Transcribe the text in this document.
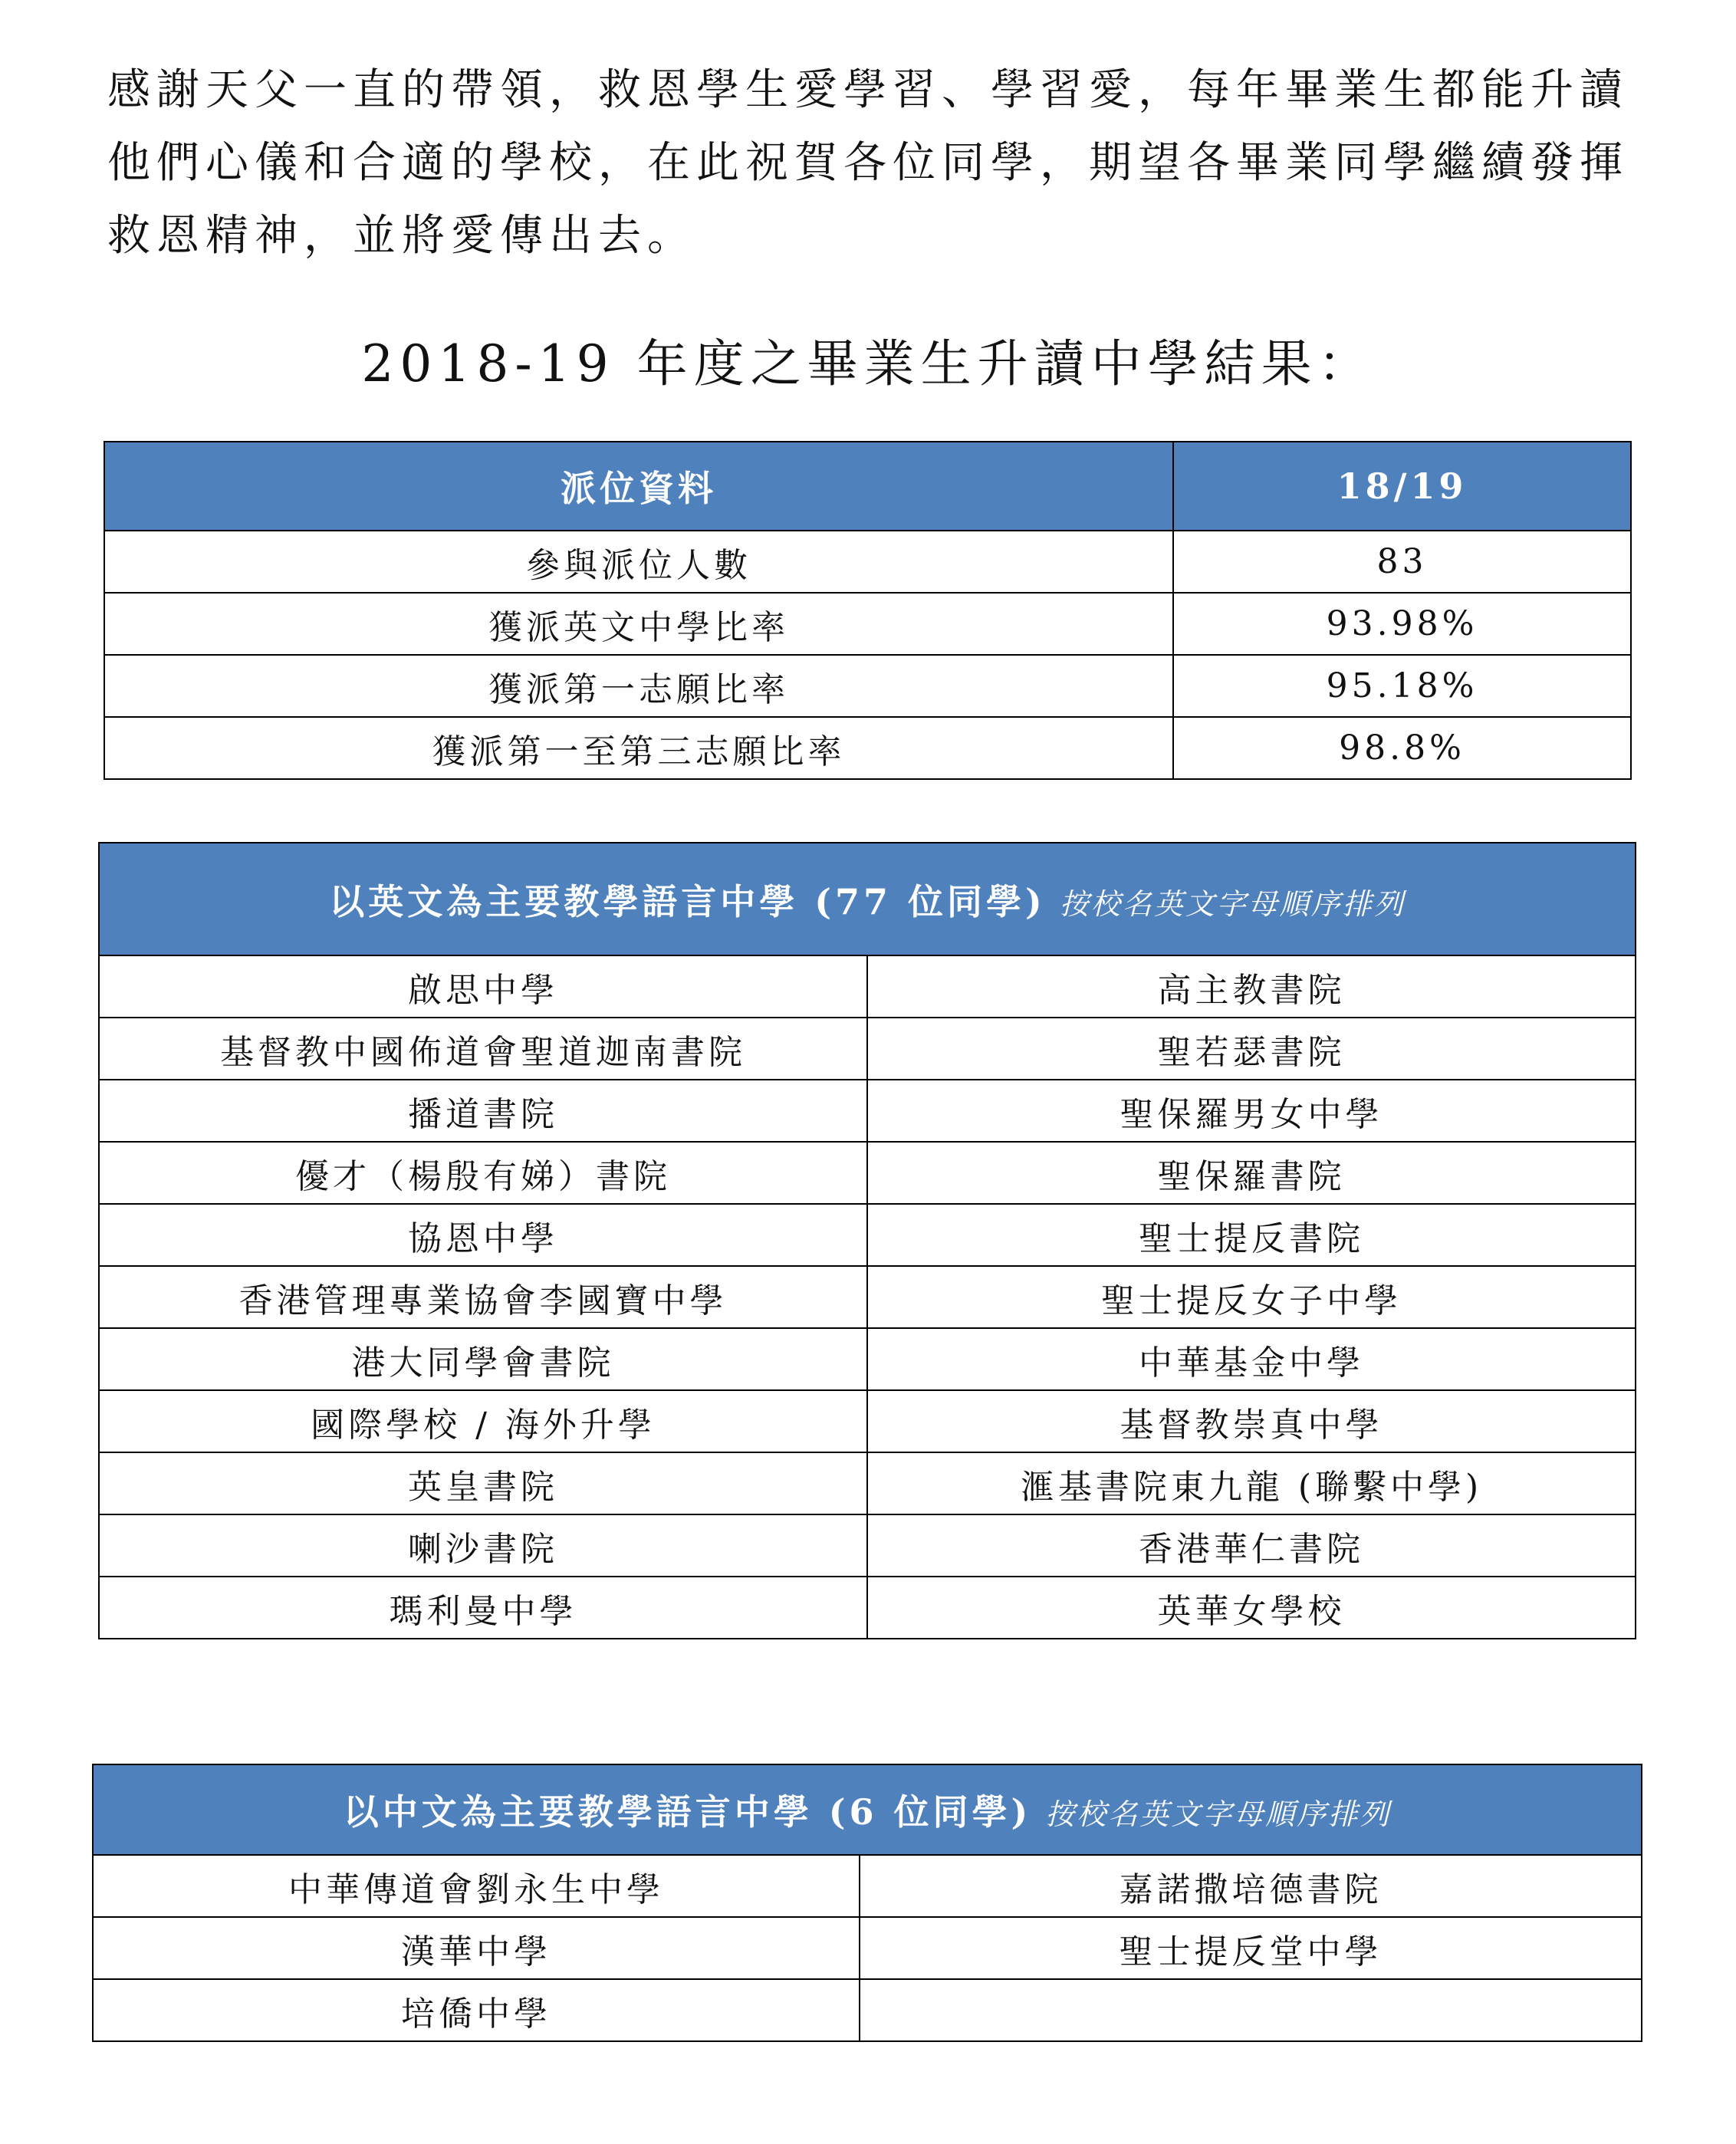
感謝天父一直的帶領，救恩學生愛學習、學習愛，每年畢業生都能升讀他們心儀和合適的學校，在此祝賀各位同學，期望各畢業同學繼續發揮救恩精神，並將愛傳出去。

2018-19 年度之畢業生升讀中學結果：
派位資料	18/19
參與派位人數	83
獲派英文中學比率	93.98%
獲派第一志願比率	95.18%
獲派第一至第三志願比率	98.8%
以英文為主要教學語言中學 (77 位同學) 按校名英文字母順序排列	
啟思中學	高主教書院
基督教中國佈道會聖道迦南書院	聖若瑟書院
播道書院	聖保羅男女中學
優才（楊殷有娣）書院	聖保羅書院
協恩中學	聖士提反書院
香港管理專業協會李國寶中學	聖士提反女子中學
港大同學會書院	中華基金中學
國際學校 / 海外升學	基督教崇真中學
英皇書院	滙基書院東九龍 (聯繫中學)
喇沙書院	香港華仁書院
瑪利曼中學	英華女學校
以中文為主要教學語言中學 (6 位同學) 按校名英文字母順序排列	
中華傳道會劉永生中學	嘉諾撒培德書院
漢華中學	聖士提反堂中學
培僑中學	
